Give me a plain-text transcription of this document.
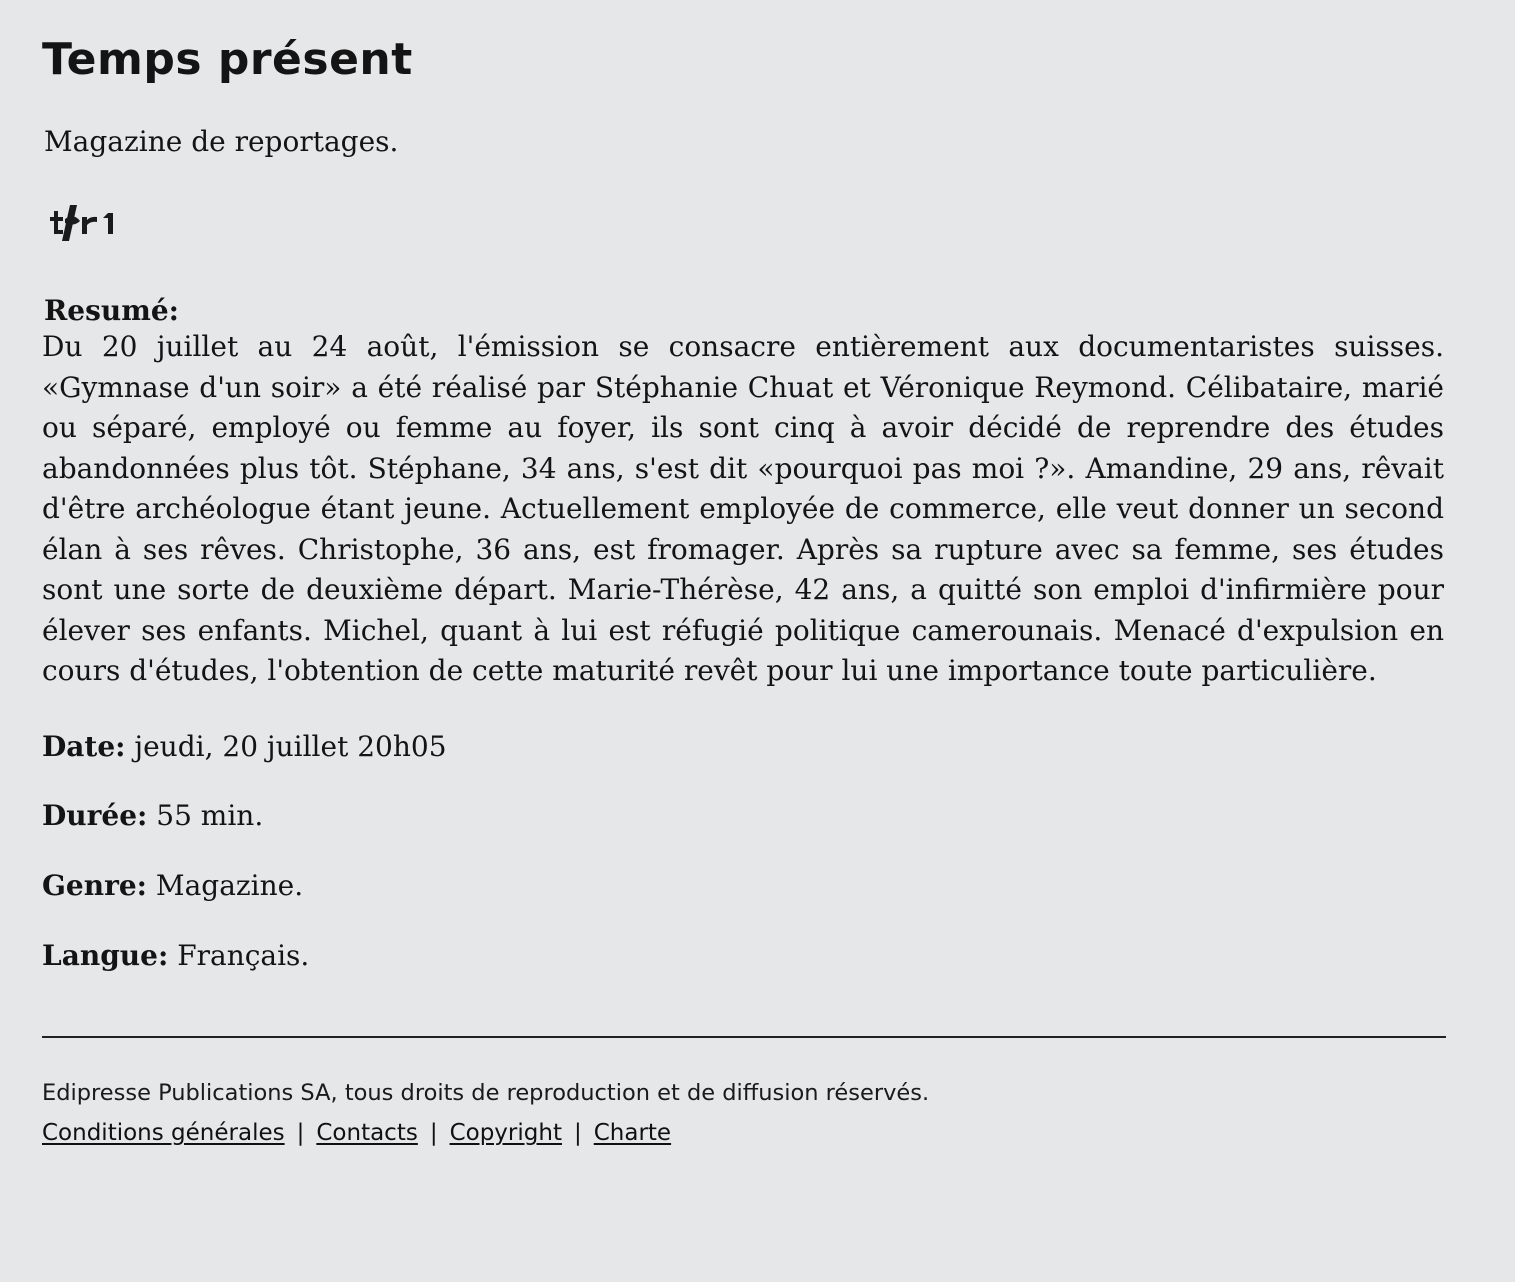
Temps présent
Magazine de reportages.
Resumé:

Du 20 juillet au 24 août, l'émission se consacre entièrement aux documentaristes suisses. «Gymnase d'un soir» a été réalisé par Stéphanie Chuat et Véronique Reymond. Célibataire, marié ou séparé, employé ou femme au foyer, ils sont cinq à avoir décidé de reprendre des études abandonnées plus tôt. Stéphane, 34 ans, s'est dit «pourquoi pas moi ?». Amandine, 29 ans, rêvait d'être archéologue étant jeune. Actuellement employée de commerce, elle veut donner un second élan à ses rêves. Christophe, 36 ans, est fromager. Après sa rupture avec sa femme, ses études sont une sorte de deuxième départ. Marie-Thérèse, 42 ans, a quitté son emploi d'infirmière pour élever ses enfants. Michel, quant à lui est réfugié politique camerounais. Menacé d'expulsion en cours d'études, l'obtention de cette maturité revêt pour lui une importance toute particulière.

Date: jeudi, 20 juillet 20h05

Durée: 55 min.

Genre: Magazine.

Langue: Français.

Edipresse Publications SA, tous droits de reproduction et de diffusion réservés.
Conditions générales | Contacts | Copyright | Charte
